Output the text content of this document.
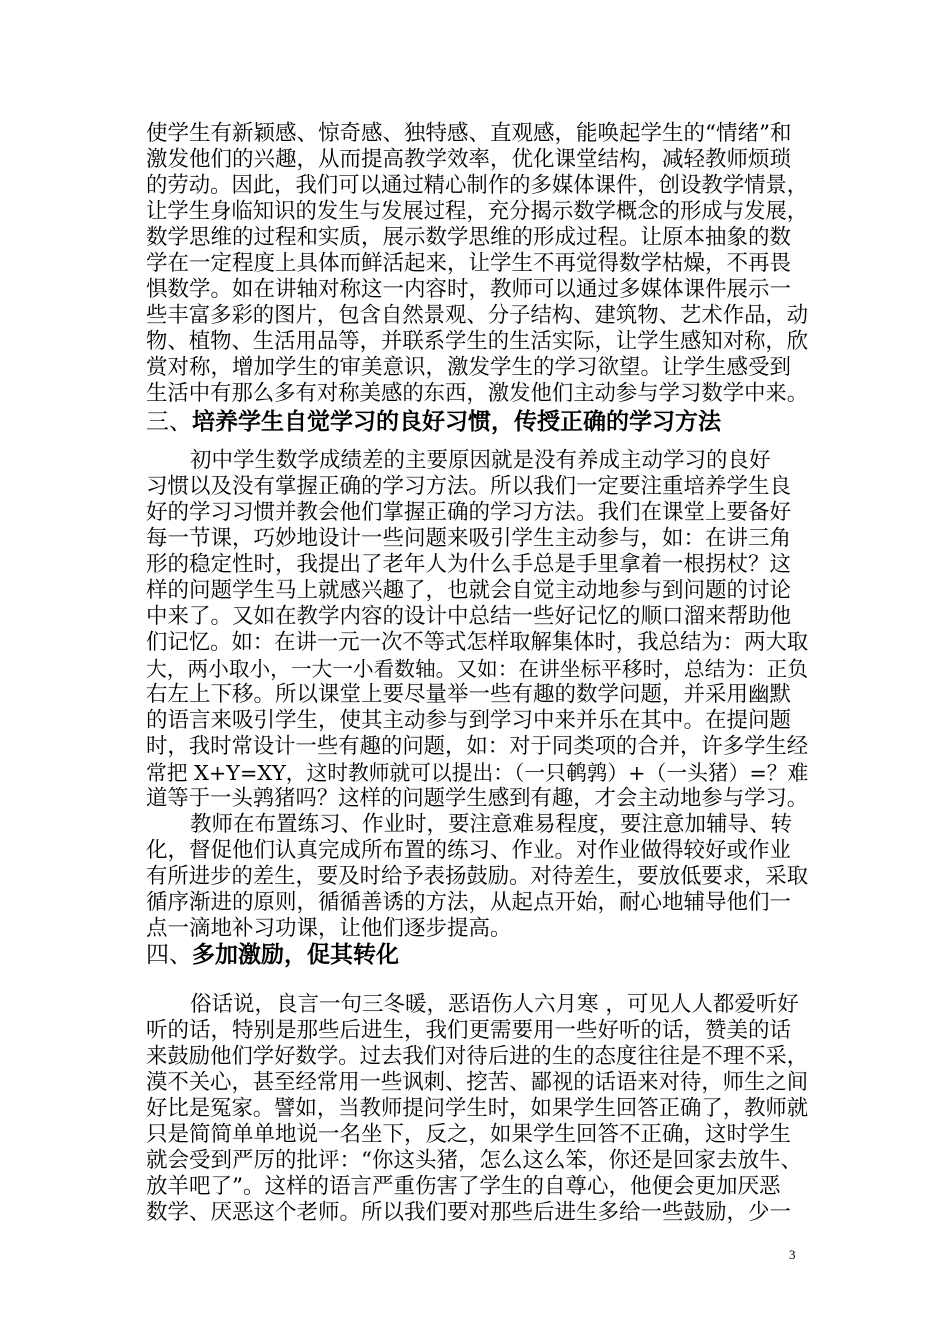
使学生有新颖感、惊奇感、独特感、直观感，能唤起学生的“情绪”和
激发他们的兴趣，从而提高教学效率，优化课堂结构，减轻教师烦琐
的劳动。因此，我们可以通过精心制作的多媒体课件，创设教学情景，
让学生身临知识的发生与发展过程，充分揭示数学概念的形成与发展，
数学思维的过程和实质，展示数学思维的形成过程。让原本抽象的数
学在一定程度上具体而鲜活起来，让学生不再觉得数学枯燥，不再畏
惧数学。如在讲轴对称这一内容时，教师可以通过多媒体课件展示一
些丰富多彩的图片，包含自然景观、分子结构、建筑物、艺术作品，动
物、植物、生活用品等，并联系学生的生活实际，让学生感知对称，欣
赏对称，增加学生的审美意识，激发学生的学习欲望。让学生感受到
生活中有那么多有对称美感的东西，激发他们主动参与学习数学中来。
三、培养学生自觉学习的良好习惯，传授正确的学习方法
初中学生数学成绩差的主要原因就是没有养成主动学习的良好
习惯以及没有掌握正确的学习方法。所以我们一定要注重培养学生良
好的学习习惯并教会他们掌握正确的学习方法。我们在课堂上要备好
每一节课，巧妙地设计一些问题来吸引学生主动参与，如：在讲三角
形的稳定性时，我提出了老年人为什么手总是手里拿着一根拐杖？这
样的问题学生马上就感兴趣了，也就会自觉主动地参与到问题的讨论
中来了。又如在教学内容的设计中总结一些好记忆的顺口溜来帮助他
们记忆。如：在讲一元一次不等式怎样取解集体时，我总结为：两大取
大，两小取小，一大一小看数轴。又如：在讲坐标平移时，总结为：正负
右左上下移。所以课堂上要尽量举一些有趣的数学问题，并采用幽默
的语言来吸引学生，使其主动参与到学习中来并乐在其中。在提问题
时，我时常设计一些有趣的问题，如：对于同类项的合并，许多学生经
常把 X+Y=XY，这时教师就可以提出：（一只鹌鹑）+（一头猪）=？难
道等于一头鹑猪吗？这样的问题学生感到有趣，才会主动地参与学习。
教师在布置练习、作业时，要注意难易程度，要注意加辅导、转
化，督促他们认真完成所布置的练习、作业。对作业做得较好或作业
有所进步的差生，要及时给予表扬鼓励。对待差生，要放低要求，采取
循序渐进的原则，循循善诱的方法，从起点开始，耐心地辅导他们一
点一滴地补习功课，让他们逐步提高。
四、多加激励，促其转化
俗话说，良言一句三冬暖，恶语伤人六月寒 ，可见人人都爱听好
听的话，特别是那些后进生，我们更需要用一些好听的话，赞美的话
来鼓励他们学好数学。过去我们对待后进的生的态度往往是不理不采，
漠不关心，甚至经常用一些讽刺、挖苦、鄙视的话语来对待，师生之间
好比是冤家。譬如，当教师提问学生时，如果学生回答正确了，教师就
只是简简单单地说一名坐下，反之，如果学生回答不正确，这时学生
就会受到严厉的批评：“你这头猪，怎么这么笨，你还是回家去放牛、
放羊吧了”。这样的语言严重伤害了学生的自尊心，他便会更加厌恶
数学、厌恶这个老师。所以我们要对那些后进生多给一些鼓励，少一
3
